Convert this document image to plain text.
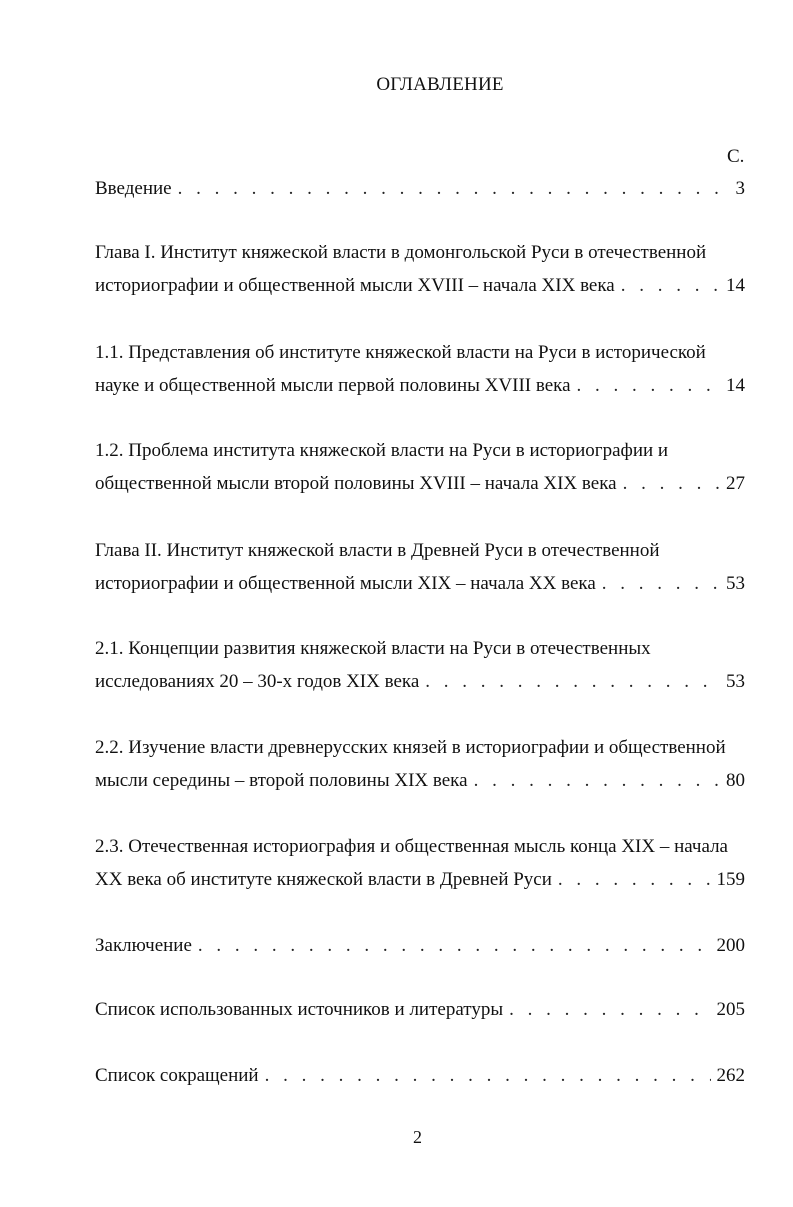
ОГЛАВЛЕНИЕ
С.
Введение . . .	3
Глава I. Институт княжеской власти в домонгольской Руси в отечественной
историографии и общественной мысли XVIII – начала XIX века . . .	14
1.1. Представления об институте княжеской власти на Руси в исторической
науке и общественной мысли первой половины XVIII века . . .	14
1.2. Проблема института княжеской власти на Руси в историографии и
общественной мысли второй половины XVIII – начала XIX века . . .	27
Глава II. Институт княжеской власти в Древней Руси в отечественной
историографии и общественной мысли XIX – начала XX века . . .	53
2.1. Концепции развития княжеской власти на Руси в отечественных
исследованиях 20 – 30-х годов XIX века . . .	53
2.2. Изучение власти древнерусских князей в историографии и общественной
мысли середины – второй половины XIX века . . .	80
2.3. Отечественная историография и общественная мысль конца XIX – начала
XX века об институте княжеской власти в Древней Руси . . .	159
Заключение . . .	200
Список использованных источников и литературы . . .	205
Список сокращений . . .	262
2
